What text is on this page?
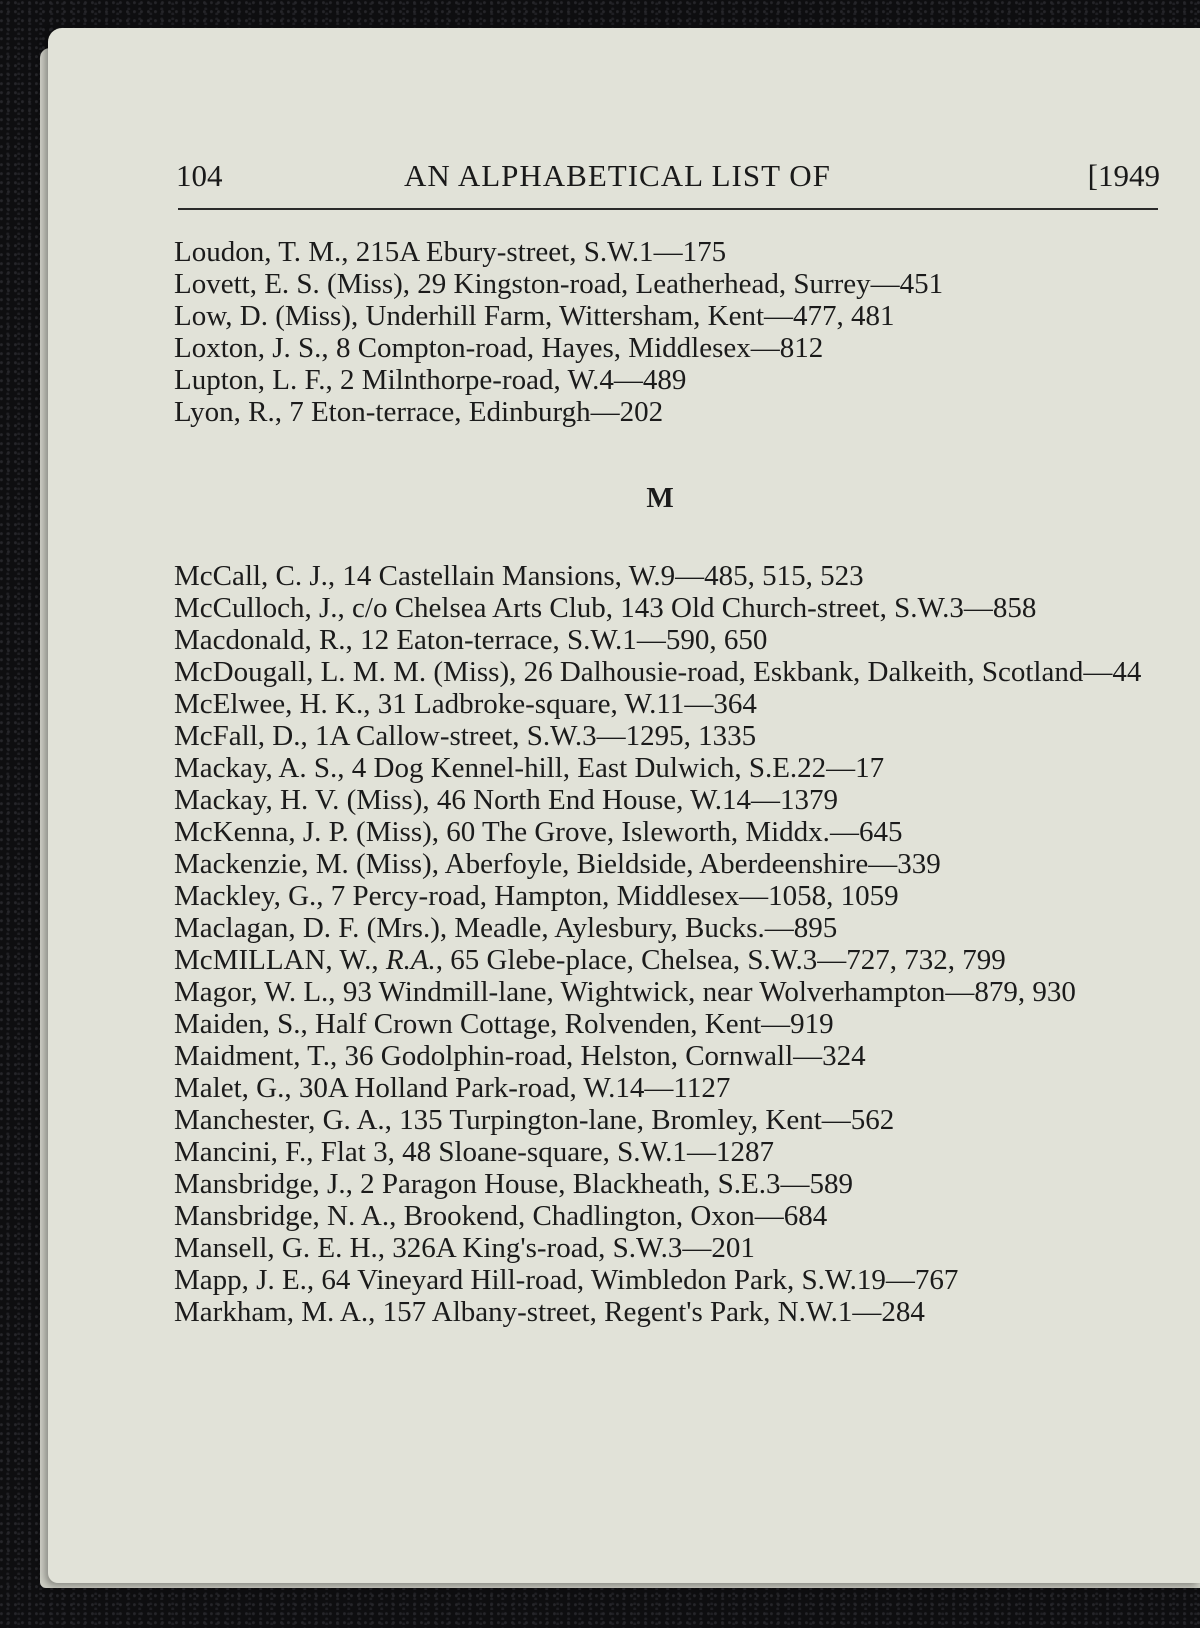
104	AN ALPHABETICAL LIST OF	[1949

Loudon, T. M., 215A Ebury-street, S.W.1—175

Lovett, E. S. (Miss), 29 Kingston-road, Leatherhead, Surrey—451

Low, D. (Miss), Underhill Farm, Wittersham, Kent—477, 481

Loxton, J. S., 8 Compton-road, Hayes, Middlesex—812

Lupton, L. F., 2 Milnthorpe-road, W.4—489

Lyon, R., 7 Eton-terrace, Edinburgh—202

M

McCall, C. J., 14 Castellain Mansions, W.9—485, 515, 523

McCulloch, J., c/o Chelsea Arts Club, 143 Old Church-street, S.W.3—858

Macdonald, R., 12 Eaton-terrace, S.W.1—590, 650

McDougall, L. M. M. (Miss), 26 Dalhousie-road, Eskbank, Dalkeith, Scotland—44

McElwee, H. K., 31 Ladbroke-square, W.11—364

McFall, D., 1A Callow-street, S.W.3—1295, 1335

Mackay, A. S., 4 Dog Kennel-hill, East Dulwich, S.E.22—17

Mackay, H. V. (Miss), 46 North End House, W.14—1379

McKenna, J. P. (Miss), 60 The Grove, Isleworth, Middx.—645

Mackenzie, M. (Miss), Aberfoyle, Bieldside, Aberdeenshire—339

Mackley, G., 7 Percy-road, Hampton, Middlesex—1058, 1059

Maclagan, D. F. (Mrs.), Meadle, Aylesbury, Bucks.—895

McMILLAN, W., R.A., 65 Glebe-place, Chelsea, S.W.3—727, 732, 799

Magor, W. L., 93 Windmill-lane, Wightwick, near Wolverhampton—879, 930

Maiden, S., Half Crown Cottage, Rolvenden, Kent—919

Maidment, T., 36 Godolphin-road, Helston, Cornwall—324

Malet, G., 30A Holland Park-road, W.14—1127

Manchester, G. A., 135 Turpington-lane, Bromley, Kent—562

Mancini, F., Flat 3, 48 Sloane-square, S.W.1—1287

Mansbridge, J., 2 Paragon House, Blackheath, S.E.3—589

Mansbridge, N. A., Brookend, Chadlington, Oxon—684

Mansell, G. E. H., 326A King's-road, S.W.3—201

Mapp, J. E., 64 Vineyard Hill-road, Wimbledon Park, S.W.19—767

Markham, M. A., 157 Albany-street, Regent's Park, N.W.1—284
